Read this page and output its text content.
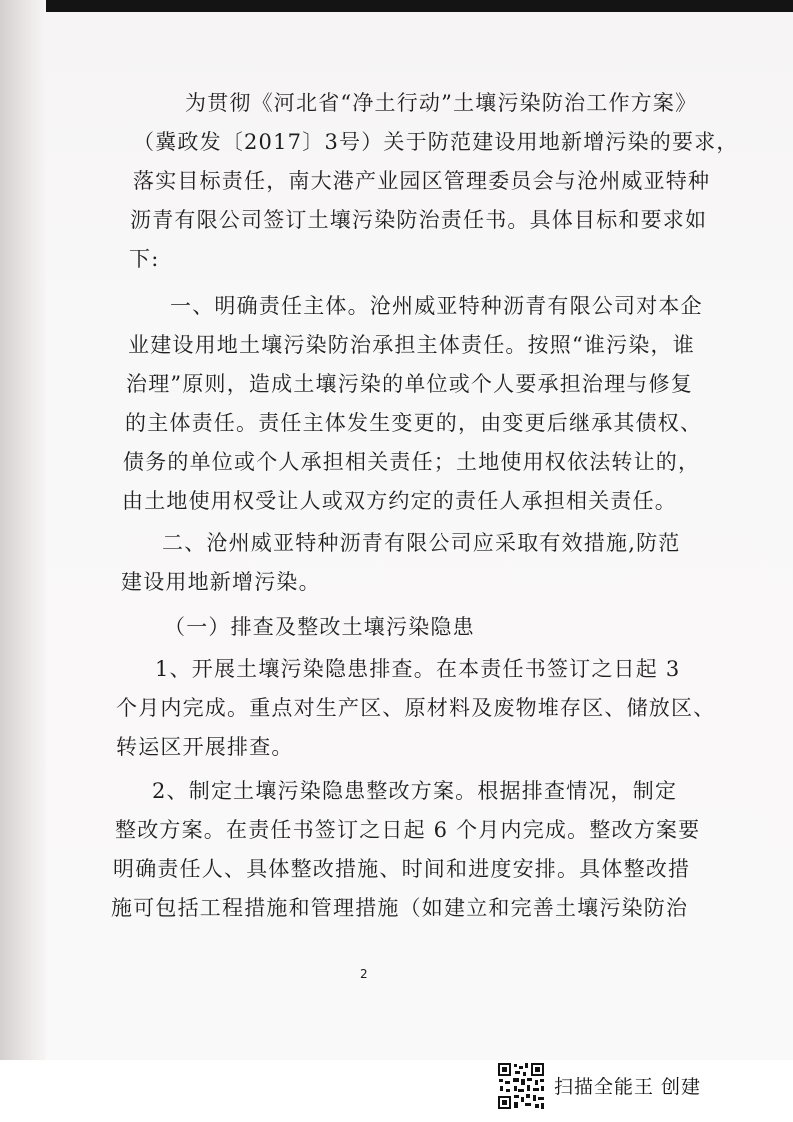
为贯彻《河北省“净土行动”土壤污染防治工作方案》
（冀政发〔2017〕3号）关于防范建设用地新增污染的要求，
落实目标责任，南大港产业园区管理委员会与沧州威亚特种
沥青有限公司签订土壤污染防治责任书。具体目标和要求如
下:
一、明确责任主体。沧州威亚特种沥青有限公司对本企
业建设用地土壤污染防治承担主体责任。按照“谁污染，谁
治理”原则，造成土壤污染的单位或个人要承担治理与修复
的主体责任。责任主体发生变更的，由变更后继承其债权、
债务的单位或个人承担相关责任；土地使用权依法转让的，
由土地使用权受让人或双方约定的责任人承担相关责任。
二、沧州威亚特种沥青有限公司应采取有效措施,防范
建设用地新增污染。
（一）排查及整改土壤污染隐患
1、开展土壤污染隐患排查。在本责任书签订之日起 3
个月内完成。重点对生产区、原材料及废物堆存区、储放区、
转运区开展排查。
2、制定土壤污染隐患整改方案。根据排查情况，制定
整改方案。在责任书签订之日起 6 个月内完成。整改方案要
明确责任人、具体整改措施、时间和进度安排。具体整改措
施可包括工程措施和管理措施（如建立和完善土壤污染防治
2
扫描全能王 创建
